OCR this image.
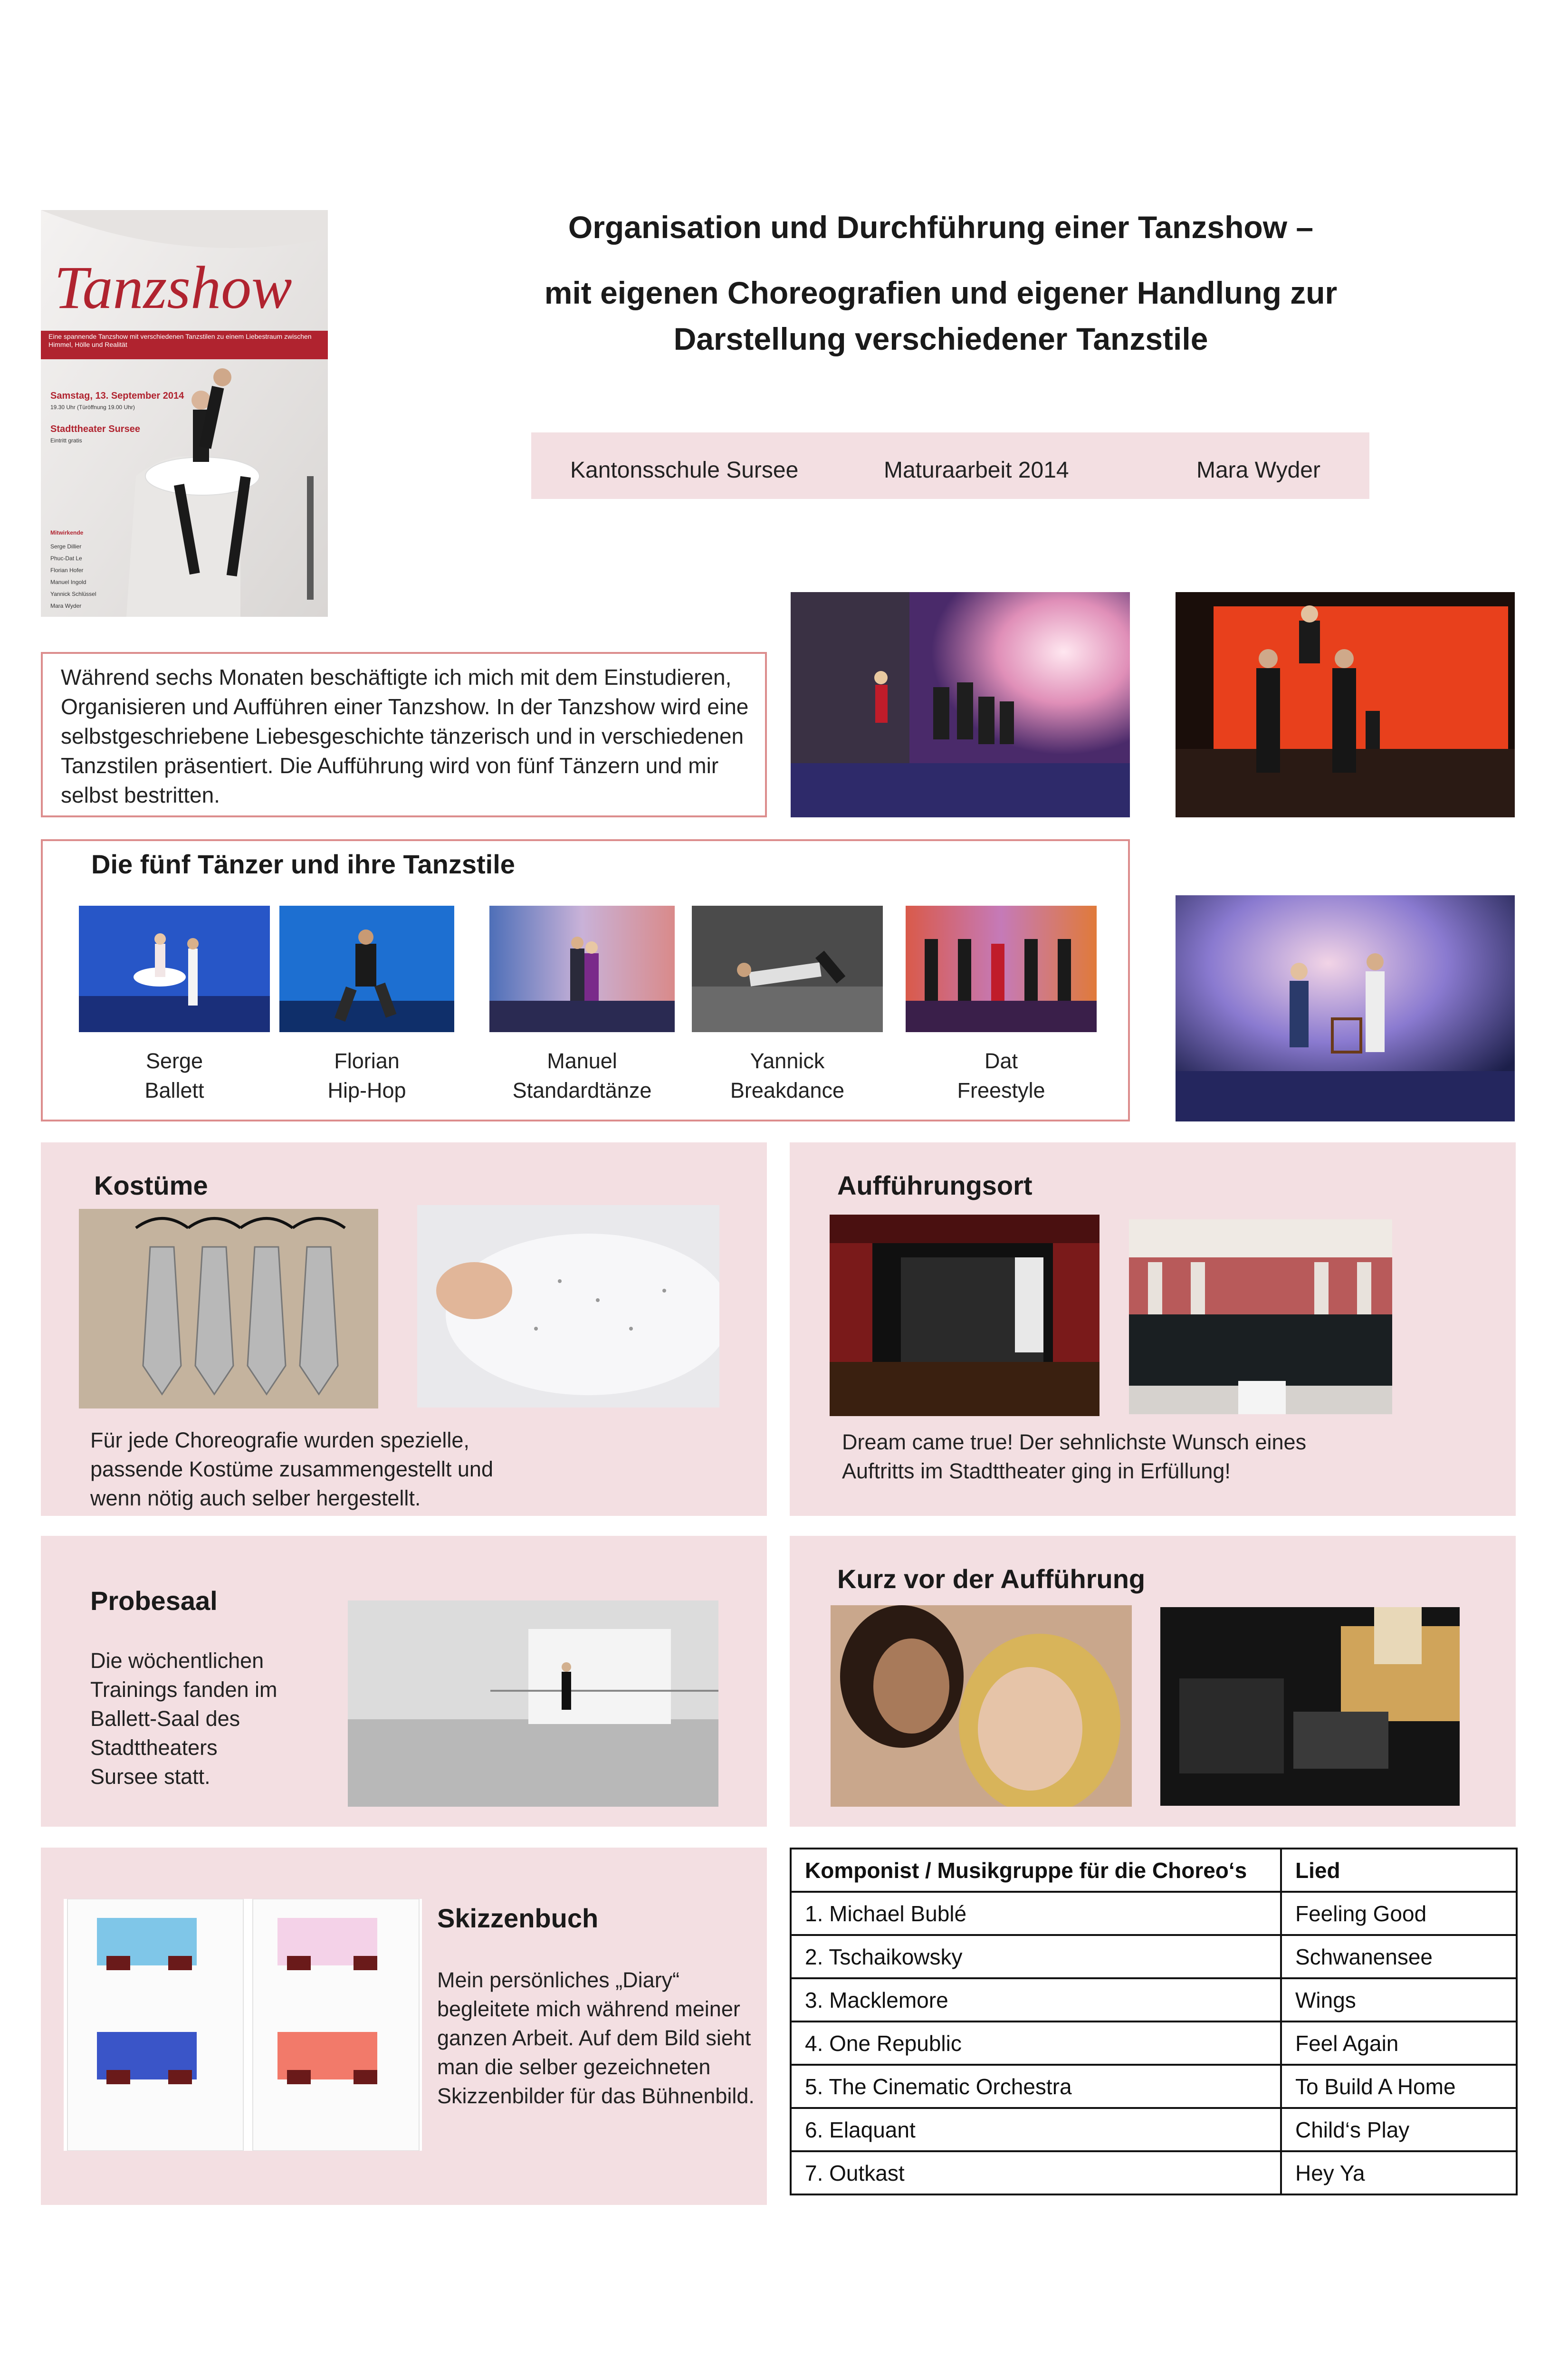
Tanzshow
Eine spannende Tanzshow mit verschiedenen Tanzstilen zu einem Liebestraum zwischen Himmel, Hölle und Realität
Samstag, 13. September 2014
19.30 Uhr (Türöffnung 19.00 Uhr)
Stadttheater Sursee
Eintritt gratis
Mitwirkende
Serge Dillier
Phuc-Dat Le
Florian Hofer
Manuel Ingold
Yannick Schlüssel
Mara Wyder
Organisation und Durchführung einer Tanzshow –
mit eigenen Choreografien und eigener Handlung zur
Darstellung verschiedener Tanzstile
Kantonsschule Sursee	Maturaarbeit 2014	Mara Wyder
Während sechs Monaten beschäftigte ich mich mit dem Einstudieren, Organisieren und Aufführen einer Tanzshow. In der Tanzshow wird eine selbstgeschriebene Liebesgeschichte tänzerisch und in verschiedenen Tanzstilen präsentiert. Die Aufführung wird von fünf Tänzern und mir selbst bestritten.
Die fünf Tänzer und ihre Tanzstile
Serge
Ballett
Florian
Hip-Hop
Manuel
Standardtänze
Yannick
Breakdance
Dat
Freestyle
Kostüme
Für jede Choreografie wurden spezielle, passende Kostüme zusammengestellt und wenn nötig auch selber hergestellt.
Aufführungsort
Dream came true! Der sehnlichste Wunsch eines Auftritts im Stadttheater ging in Erfüllung!
Probesaal
Die wöchentlichen Trainings fanden im Ballett-Saal des Stadttheaters Sursee statt.
Kurz vor der Aufführung
Skizzenbuch
Mein persönliches „Diary“ begleitete mich während meiner ganzen Arbeit. Auf dem Bild sieht man die selber gezeichneten Skizzenbilder für das Bühnenbild.
Komponist / Musikgruppe für die Choreo‘s	Lied
1. Michael Bublé	Feeling Good
2. Tschaikowsky	Schwanensee
3. Macklemore	Wings
4. One Republic	Feel Again
5. The Cinematic Orchestra	To Build A Home
6. Elaquant	Child‘s Play
7. Outkast	Hey Ya
